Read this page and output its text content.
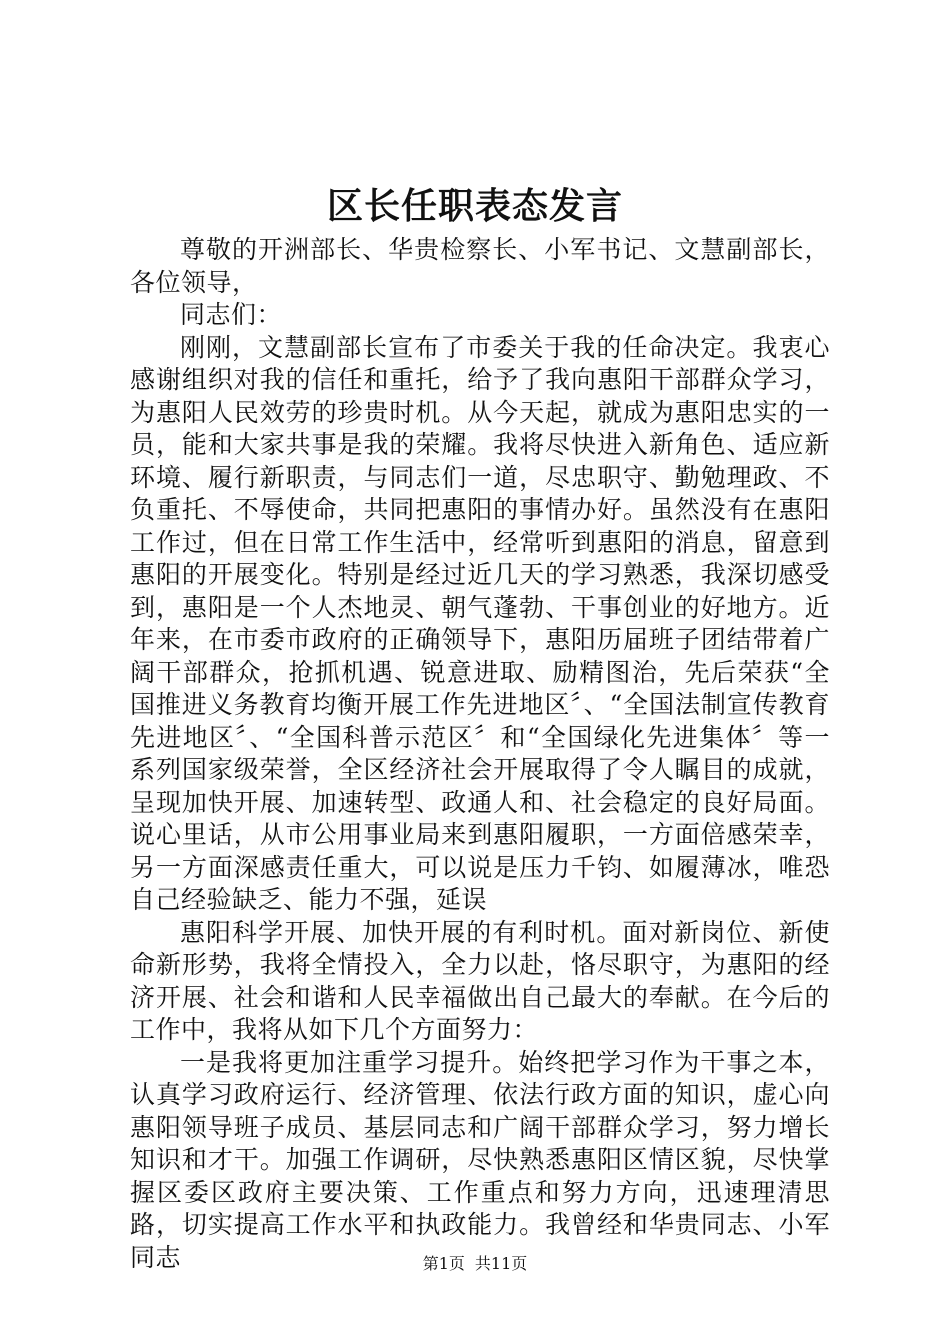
区长任职表态发言

尊敬的开洲部长、华贵检察长、小军书记、文慧副部长，各位领导，

同志们：

刚刚，文慧副部长宣布了市委关于我的任命决定。我衷心感谢组织对我的信任和重托，给予了我向惠阳干部群众学习，为惠阳人民效劳的珍贵时机。从今天起，就成为惠阳忠实的一员，能和大家共事是我的荣耀。我将尽快进入新角色、适应新环境、履行新职责，与同志们一道，尽忠职守、勤勉理政、不负重托、不辱使命，共同把惠阳的事情办好。虽然没有在惠阳工作过，但在日常工作生活中，经常听到惠阳的消息，留意到惠阳的开展变化。特别是经过近几天的学习熟悉，我深切感受到，惠阳是一个人杰地灵、朝气蓬勃、干事创业的好地方。近年来，在市委市政府的正确领导下，惠阳历届班子团结带着广阔干部群众，抢抓机遇、锐意进取、励精图治，先后荣获“全国推进义务教育均衡开展工作先进地区〞、“全国法制宣传教育先进地区〞、“全国科普示范区〞和“全国绿化先进集体〞等一系列国家级荣誉，全区经济社会开展取得了令人瞩目的成就，呈现加快开展、加速转型、政通人和、社会稳定的良好局面。说心里话，从市公用事业局来到惠阳履职，一方面倍感荣幸，另一方面深感责任重大，可以说是压力千钧、如履薄冰，唯恐自己经验缺乏、能力不强，延误

惠阳科学开展、加快开展的有利时机。面对新岗位、新使命新形势，我将全情投入，全力以赴，恪尽职守，为惠阳的经济开展、社会和谐和人民幸福做出自己最大的奉献。在今后的工作中，我将从如下几个方面努力：

一是我将更加注重学习提升。始终把学习作为干事之本，认真学习政府运行、经济管理、依法行政方面的知识，虚心向惠阳领导班子成员、基层同志和广阔干部群众学习，努力增长知识和才干。加强工作调研，尽快熟悉惠阳区情区貌，尽快掌握区委区政府主要决策、工作重点和努力方向，迅速理清思路，切实提高工作水平和执政能力。我曾经和华贵同志、小军同志	第1页 共11页
